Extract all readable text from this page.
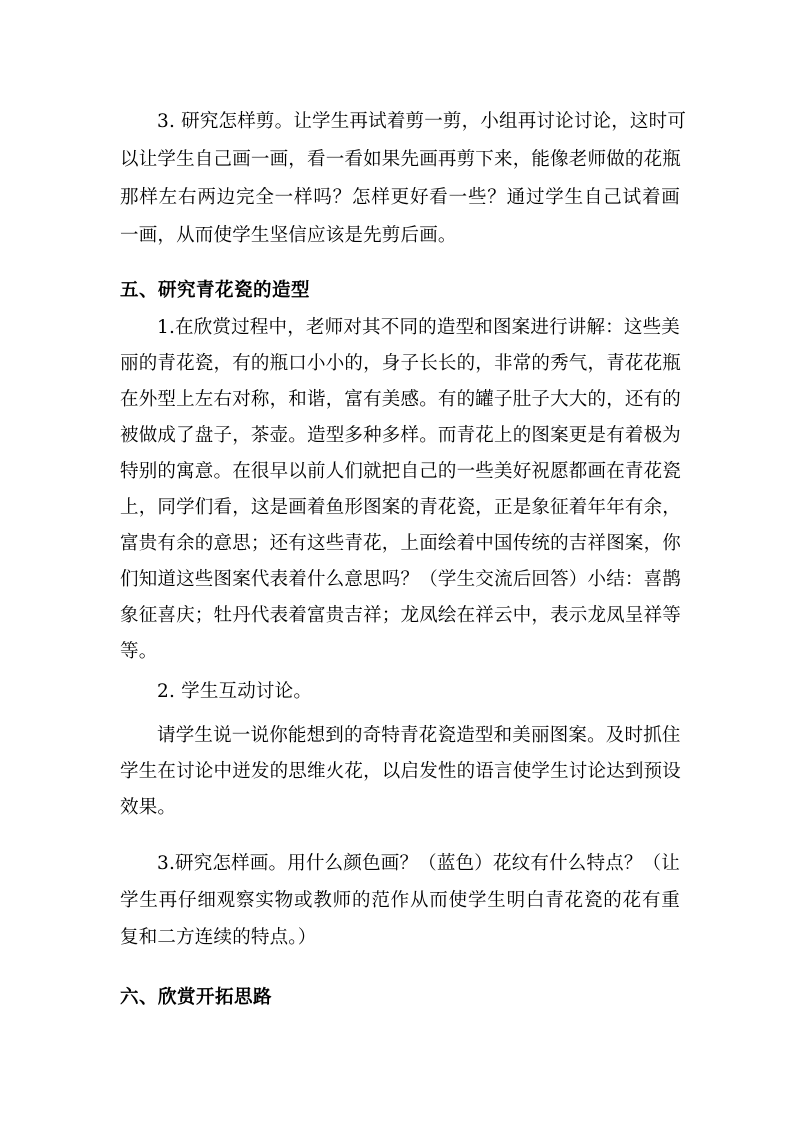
3. 研究怎样剪。让学生再试着剪一剪，小组再讨论讨论，这时可
以让学生自己画一画，看一看如果先画再剪下来，能像老师做的花瓶
那样左右两边完全一样吗？怎样更好看一些？通过学生自己试着画
一画，从而使学生坚信应该是先剪后画。
五、研究青花瓷的造型
1.在欣赏过程中，老师对其不同的造型和图案进行讲解：这些美
丽的青花瓷，有的瓶口小小的，身子长长的，非常的秀气，青花花瓶
在外型上左右对称，和谐，富有美感。有的罐子肚子大大的，还有的
被做成了盘子，茶壶。造型多种多样。而青花上的图案更是有着极为
特别的寓意。在很早以前人们就把自己的一些美好祝愿都画在青花瓷
上，同学们看，这是画着鱼形图案的青花瓷，正是象征着年年有余，
富贵有余的意思；还有这些青花，上面绘着中国传统的吉祥图案，你
们知道这些图案代表着什么意思吗？（学生交流后回答）小结：喜鹊
象征喜庆；牡丹代表着富贵吉祥；龙凤绘在祥云中，表示龙凤呈祥等
等。
2. 学生互动讨论。
请学生说一说你能想到的奇特青花瓷造型和美丽图案。及时抓住
学生在讨论中迸发的思维火花，以启发性的语言使学生讨论达到预设
效果。
3.研究怎样画。用什么颜色画？（蓝色）花纹有什么特点？（让
学生再仔细观察实物或教师的范作从而使学生明白青花瓷的花有重
复和二方连续的特点。）
六、欣赏开拓思路
